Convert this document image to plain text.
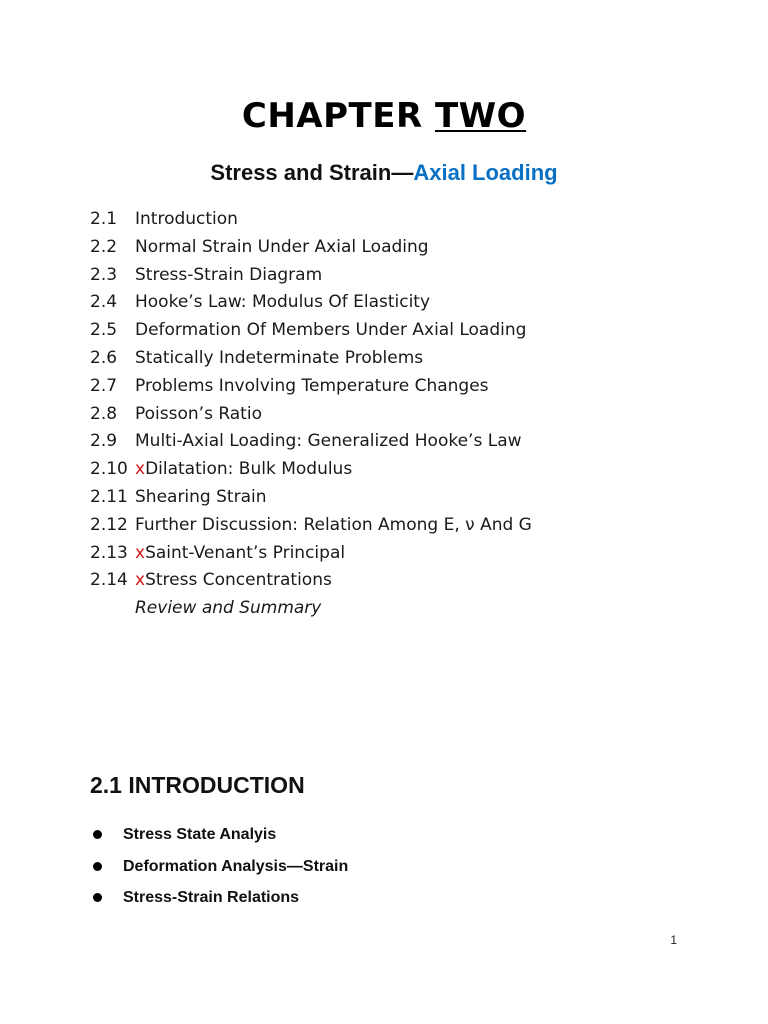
CHAPTER TWO
Stress and Strain—Axial Loading
2.1 Introduction
2.2 Normal Strain Under Axial Loading
2.3 Stress-Strain Diagram
2.4 Hooke’s Law: Modulus Of Elasticity
2.5 Deformation Of Members Under Axial Loading
2.6 Statically Indeterminate Problems
2.7 Problems Involving Temperature Changes
2.8 Poisson’s Ratio
2.9 Multi-Axial Loading: Generalized Hooke’s Law
2.10 xDilatation: Bulk Modulus
2.11 Shearing Strain
2.12 Further Discussion: Relation Among E, ν And G
2.13 xSaint-Venant’s Principal
2.14 xStress Concentrations
Review and Summary
2.1 INTRODUCTION
Stress State Analyis
Deformation Analysis—Strain
Stress-Strain Relations
1
